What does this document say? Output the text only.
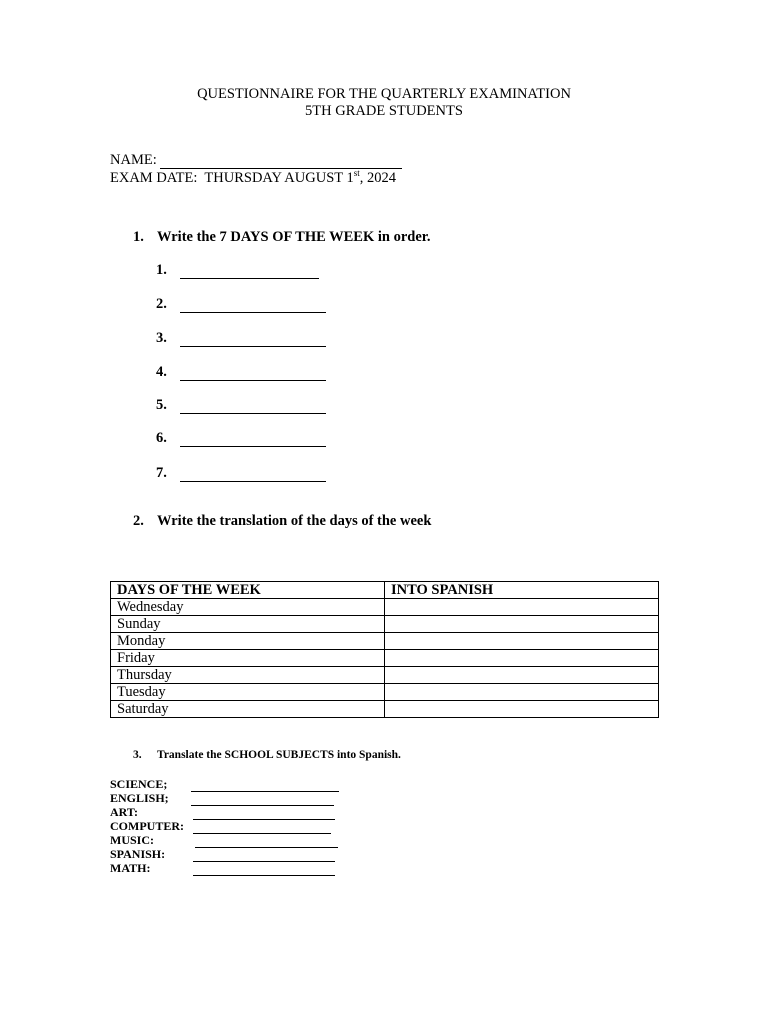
QUESTIONNAIRE FOR THE QUARTERLY EXAMINATION
5TH GRADE STUDENTS
NAME:
EXAM DATE: THURSDAY AUGUST 1st, 2024
1. Write the 7 DAYS OF THE WEEK in order.
1.
2.
3.
4.
5.
6.
7.
2. Write the translation of the days of the week
DAYS OF THE WEEK	INTO SPANISH
Wednesday	
Sunday	
Monday	
Friday	
Thursday	
Tuesday	
Saturday	
3. Translate the SCHOOL SUBJECTS into Spanish.
SCIENCE;
ENGLISH;
ART:
COMPUTER:
MUSIC:
SPANISH:
MATH:
